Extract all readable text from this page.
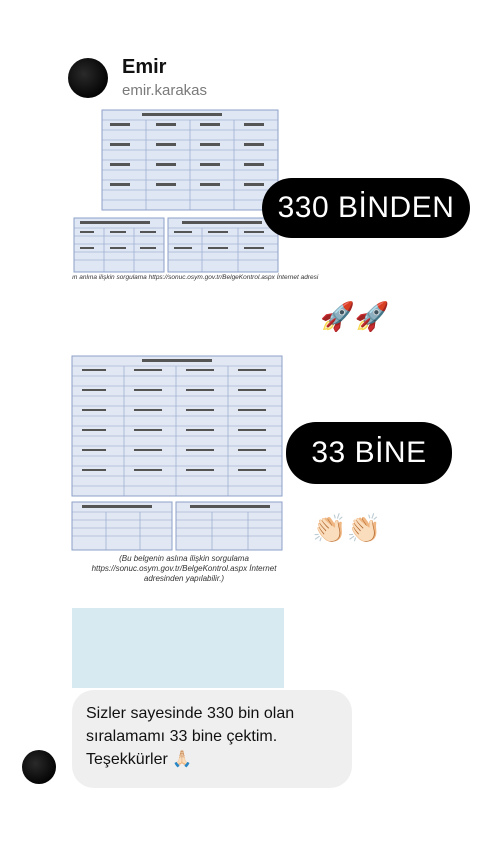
Emir
emir.karakas
ın anlına ilişkin sorgulama https://sonuc.osym.gov.tr/BelgeKontrol.aspx İnternet adresi
(Bu belgenin aslına ilişkin sorgulama https://sonuc.osym.gov.tr/BelgeKontrol.aspx İnternet adresinden yapılabilir.)
330 BİNDEN
🚀🚀
33 BİNE
👏🏻👏🏻
Sizler sayesinde 330 bin olan sıralamamı 33 bine çektim. Teşekkürler 🙏🏻
